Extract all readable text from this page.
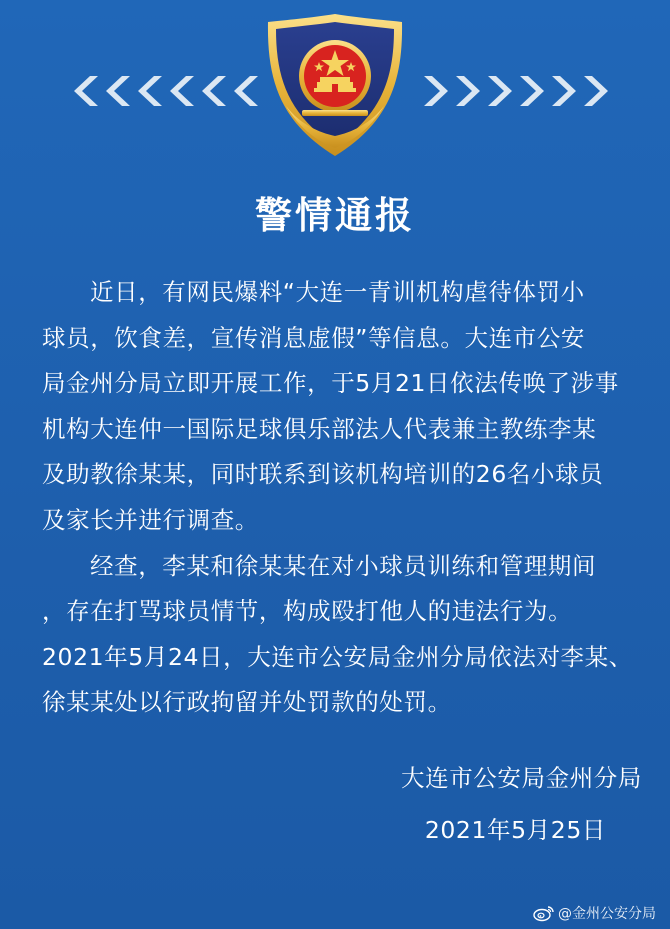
警情通报

近日，有网民爆料“大连一青训机构虐待体罚小
球员，饮食差，宣传消息虚假”等信息。大连市公安
局金州分局立即开展工作，于5月21日依法传唤了涉事
机构大连仲一国际足球俱乐部法人代表兼主教练李某
及助教徐某某，同时联系到该机构培训的26名小球员
及家长并进行调查。

经查，李某和徐某某在对小球员训练和管理期间
，存在打骂球员情节，构成殴打他人的违法行为。
2021年5月24日，大连市公安局金州分局依法对李某、
徐某某处以行政拘留并处罚款的处罚。

大连市公安局金州分局
2021年5月25日
@金州公安分局
